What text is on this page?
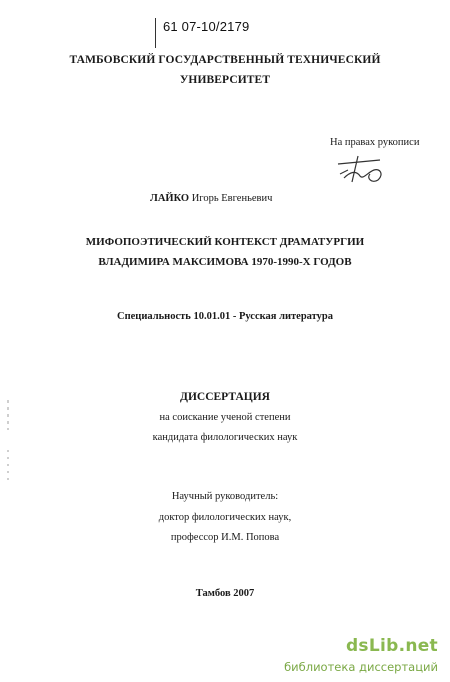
61 07-10/2179
ТАМБОВСКИЙ ГОСУДАРСТВЕННЫЙ ТЕХНИЧЕСКИЙ
УНИВЕРСИТЕТ
На правах рукописи
ЛАЙКО Игорь Евгеньевич
МИФОПОЭТИЧЕСКИЙ КОНТЕКСТ ДРАМАТУРГИИ
ВЛАДИМИРА МАКСИМОВА 1970-1990-Х ГОДОВ
Специальность 10.01.01 - Русская литература
ДИССЕРТАЦИЯ
на соискание ученой степени
кандидата филологических наук
Научный руководитель:
доктор филологических наук,
профессор И.М. Попова
Тамбов 2007
dsLib.net
библиотека диссертаций
